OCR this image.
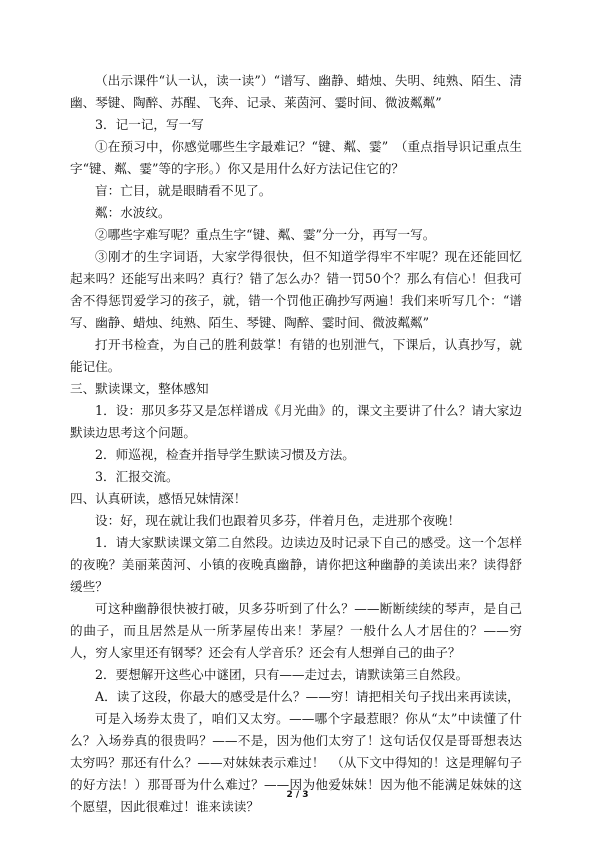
（出示课件“认一认，读一读”）“谱写、幽静、蜡烛、失明、纯熟、陌生、清幽、琴键、陶醉、苏醒、飞奔、记录、莱茵河、霎时间、微波粼粼”

3．记一记，写一写

①在预习中，你感觉哪些生字最难记？“键、粼、霎”　（重点指导识记重点生字“键、粼、霎”等的字形。）你又是用什么好方法记住它的？

盲：亡目，就是眼睛看不见了。

粼：水波纹。

②哪些字难写呢？重点生字“键、粼、霎”分一分，再写一写。

③刚才的生字词语，大家学得很快，但不知道学得牢不牢呢？现在还能回忆起来吗？还能写出来吗？真行？错了怎么办？错一罚50个？那么有信心！但我可舍不得惩罚爱学习的孩子，就，错一个罚他正确抄写两遍！我们来听写几个：“谱写、幽静、蜡烛、纯熟、陌生、琴键、陶醉、霎时间、微波粼粼”

打开书检查，为自己的胜利鼓掌！有错的也别泄气，下课后，认真抄写，就能记住。

三、默读课文，整体感知

1．设：那贝多芬又是怎样谱成《月光曲》的，课文主要讲了什么？请大家边默读边思考这个问题。

2．师巡视，检查并指导学生默读习惯及方法。

3．汇报交流。

四、认真研读，感悟兄妹情深！

设：好，现在就让我们也跟着贝多芬，伴着月色，走进那个夜晚！

1．请大家默读课文第二自然段。边读边及时记录下自己的感受。这一个怎样的夜晚？美丽莱茵河、小镇的夜晚真幽静，请你把这种幽静的美读出来？读得舒缓些？

可这种幽静很快被打破，贝多芬听到了什么？——断断续续的琴声，是自己的曲子，而且居然是从一所茅屋传出来！茅屋？一般什么人才居住的？——穷人，穷人家里还有钢琴？还会有人学音乐？还会有人想弹自己的曲子？

2．要想解开这些心中谜团，只有——走过去，请默读第三自然段。

A．读了这段，你最大的感受是什么？——穷！请把相关句子找出来再读读，

可是入场券太贵了，咱们又太穷。——哪个字最惹眼？你从“太”中读懂了什么？入场券真的很贵吗？——不是，因为他们太穷了！这句话仅仅是哥哥想表达太穷吗？那还有什么？——对妹妹表示难过！　（从下文中得知的！这是理解句子的好方法！）那哥哥为什么难过？——因为他爱妹妹！因为他不能满足妹妹的这个愿望，因此很难过！谁来读读？

2 / 3
